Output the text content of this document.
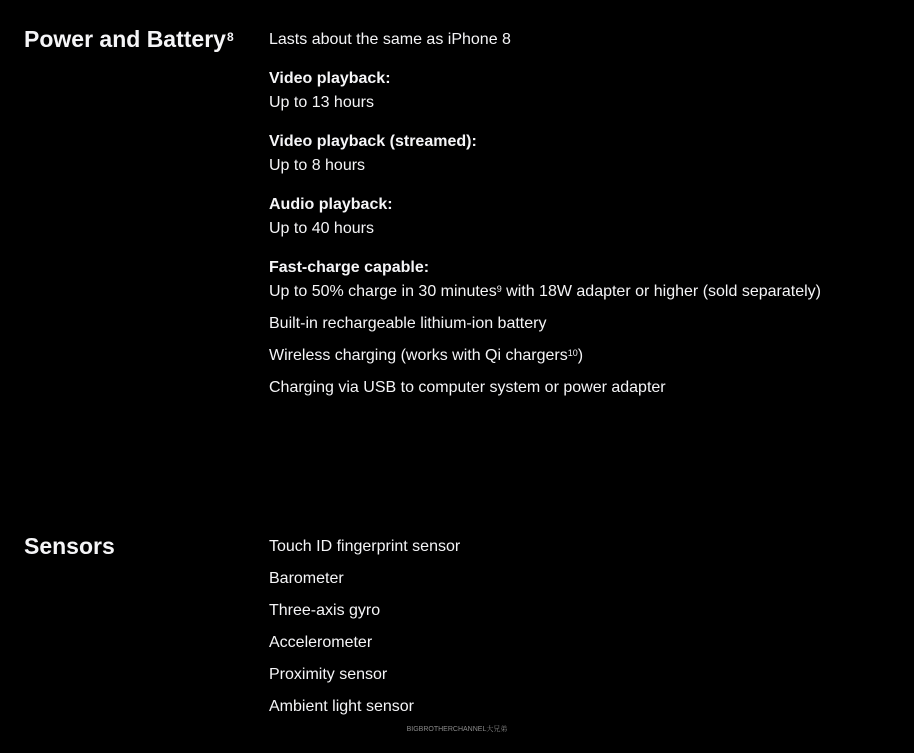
Power and Battery$^8$ Lasts about the same as iPhone 8
Video playback:
Up to 13 hours
Video playback (streamed):
Up to 8 hours
Audio playback:
Up to 40 hours
Fast-charge capable:
Up to 50% charge in 30 minutes$^9$ with 18W adapter or higher (sold separately)
Built-in rechargeable lithium-ion battery
Wireless charging (works with Qi chargers$^{10}$)
Charging via USB to computer system or power adapter
Sensors	Touch ID fingerprint sensor
Barometer
Three-axis gyro
Accelerometer
Proximity sensor
Ambient light sensor
BIGBROTHERCHANNEL大兄弟
